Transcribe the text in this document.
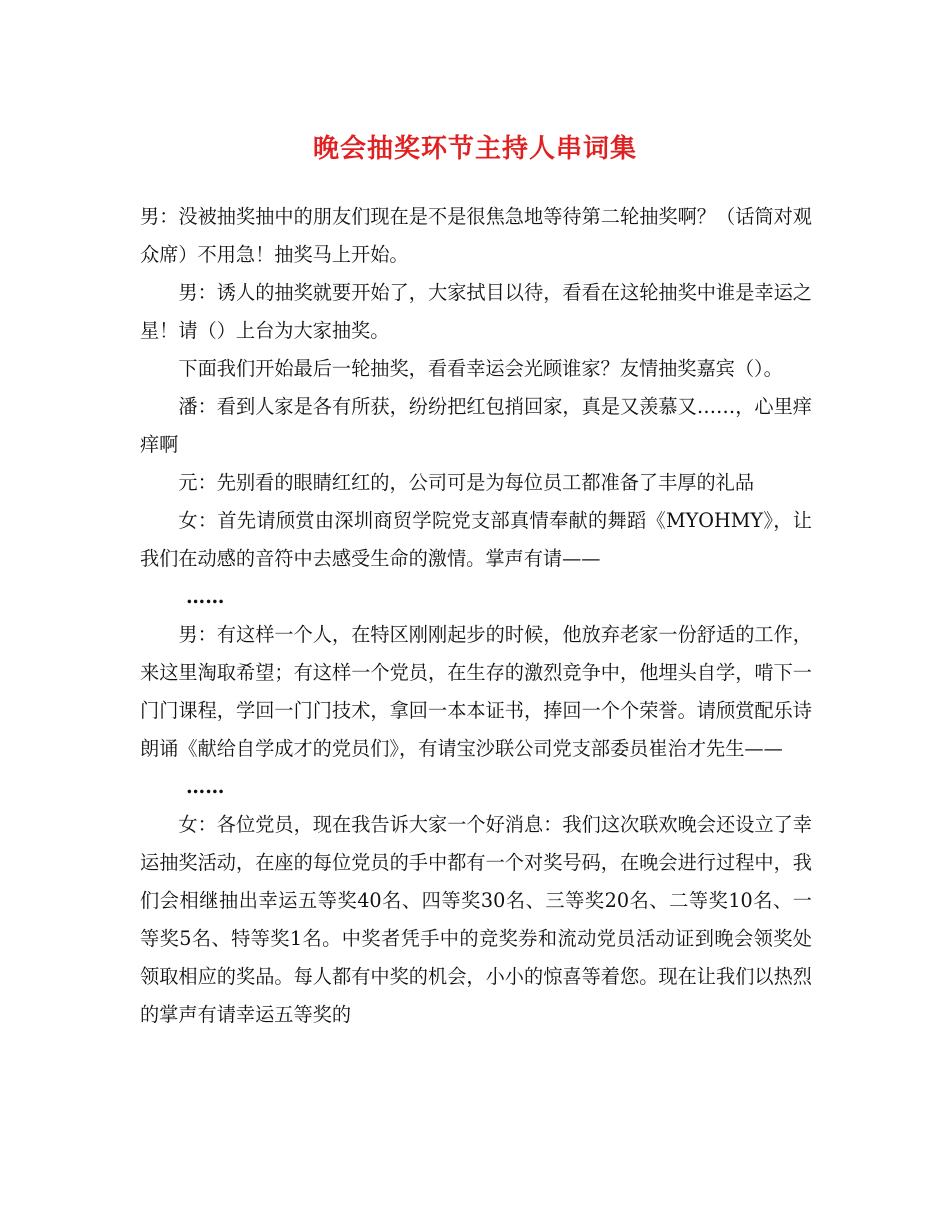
晚会抽奖环节主持人串词集

男：没被抽奖抽中的朋友们现在是不是很焦急地等待第二轮抽奖啊？（话筒对观众席）不用急！抽奖马上开始。

男：诱人的抽奖就要开始了，大家拭目以待，看看在这轮抽奖中谁是幸运之星！请（）上台为大家抽奖。

下面我们开始最后一轮抽奖，看看幸运会光顾谁家？友情抽奖嘉宾（）。

潘：看到人家是各有所获，纷纷把红包捎回家，真是又羡慕又……，心里痒痒啊

元：先别看的眼睛红红的，公司可是为每位员工都准备了丰厚的礼品

女：首先请颀赏由深圳商贸学院党支部真情奉献的舞蹈《MYOHMY》，让我们在动感的音符中去感受生命的激情。掌声有请——

……

男：有这样一个人，在特区刚刚起步的时候，他放弃老家一份舒适的工作，来这里淘取希望；有这样一个党员，在生存的激烈竞争中，他埋头自学，啃下一门门课程，学回一门门技术，拿回一本本证书，捧回一个个荣誉。请颀赏配乐诗朗诵《献给自学成才的党员们》，有请宝沙联公司党支部委员崔治才先生——

……

女：各位党员，现在我告诉大家一个好消息：我们这次联欢晚会还设立了幸运抽奖活动，在座的每位党员的手中都有一个对奖号码，在晚会进行过程中，我们会相继抽出幸运五等奖40名、四等奖30名、三等奖20名、二等奖10名、一等奖5名、特等奖1名。中奖者凭手中的竞奖券和流动党员活动证到晚会领奖处领取相应的奖品。每人都有中奖的机会，小小的惊喜等着您。现在让我们以热烈的掌声有请幸运五等奖的
